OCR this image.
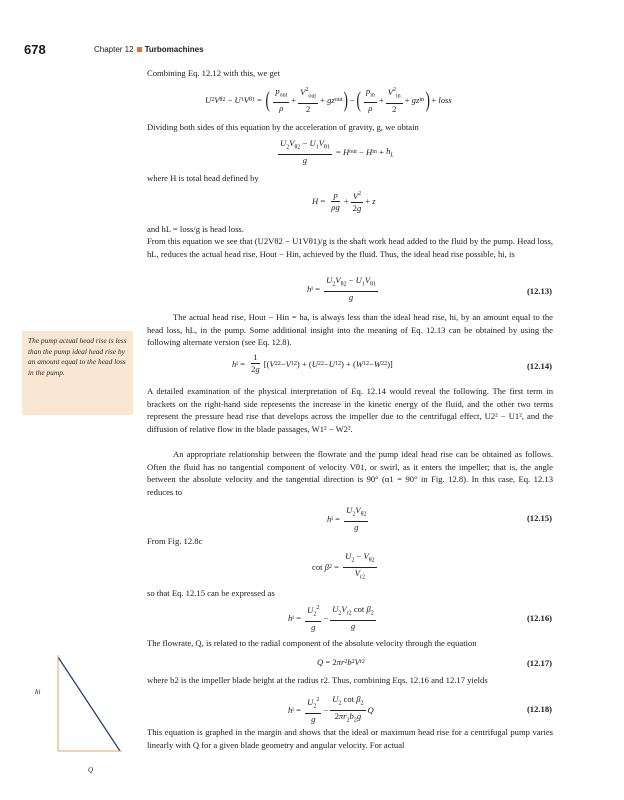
678	Chapter 12 Turbomachines
The pump actual head rise is less than the pump ideal head rise by an amount equal to the head loss in the pump.
hi
Q

Combining Eq. 12.12 with this, we get

U 2 V θ2 − U 1 V θ1 = ( $\frac{p_{out}}{\rho} + \frac{V^2_{out}}{2}$ + gz out ) − ( $\frac{p_{in}}{\rho} + \frac{V^2_{in}}{2}$ + gz in ) + loss

Dividing both sides of this equation by the acceleration of gravity, g, we obtain

$\frac{U_2V_{\theta 2} - U_1V_{\theta 1}}{g} = H$ out − H in + $h_L$

where H is total head defined by

$H = \frac{p}{\rho g} + \frac{V^2}{2g} + z$

and hL = loss/g is head loss.

From this equation we see that (U2Vθ2 − U1Vθ1)/g is the shaft work head added to the fluid by the pump. Head loss, hL, reduces the actual head rise, Hout − Hin, achieved by the fluid. Thus, the ideal head rise possible, hi, is

h $i = \frac{U_2V_{\theta 2} - U_1V_{\theta 1}}{g}$	(12.13)

The actual head rise, Hout − Hin = ha, is always less than the ideal head rise, hi, by an amount equal to the head loss, hL, in the pump. Some additional insight into the meaning of Eq. 12.13 can be obtained by using the following alternate version (see Eq. 12.8).

h $i = \frac{1}{2g}$ [( V 2 2 − V 1 2 ) + ( U 2 2 − U 1 2 ) + ( W 1 2 − W 2 2 )]	(12.14)

A detailed examination of the physical interpretation of Eq. 12.14 would reveal the following. The first term in brackets on the right-hand side represents the increase in the kinetic energy of the fluid, and the other two terms represent the pressure head rise that develops across the impeller due to the centrifugal effect, U2² − U1², and the diffusion of relative flow in the blade passages, W1² − W2².

An appropriate relationship between the flowrate and the pump ideal head rise can be obtained as follows. Often the fluid has no tangential component of velocity Vθ1, or swirl, as it enters the impeller; that is, the angle between the absolute velocity and the tangential direction is 90° (α1 = 90° in Fig. 12.8). In this case, Eq. 12.13 reduces to

h $i = \frac{U_2V_{\theta 2}}{g}$	(12.15)

From Fig. 12.8c

cot β $2 = \frac{U_2 - V_{\theta 2}}{V_{r2}}$

so that Eq. 12.15 can be expressed as

h $i = \frac{U_2^2}{g} - \frac{U_2V_{r2} \cot \beta_2}{g}$	(12.16)

The flowrate, Q, is related to the radial component of the absolute velocity through the equation

Q = 2 πr 2 b 2 V r2	(12.17)

where b2 is the impeller blade height at the radius r2. Thus, combining Eqs. 12.16 and 12.17 yields

h $i = \frac{U_2^2}{g} - \frac{U_2 \cot \beta_2}{2\pi r_2b_2g}$ Q	(12.18)

This equation is graphed in the margin and shows that the ideal or maximum head rise for a centrifugal pump varies linearly with Q for a given blade geometry and angular velocity. For actual
